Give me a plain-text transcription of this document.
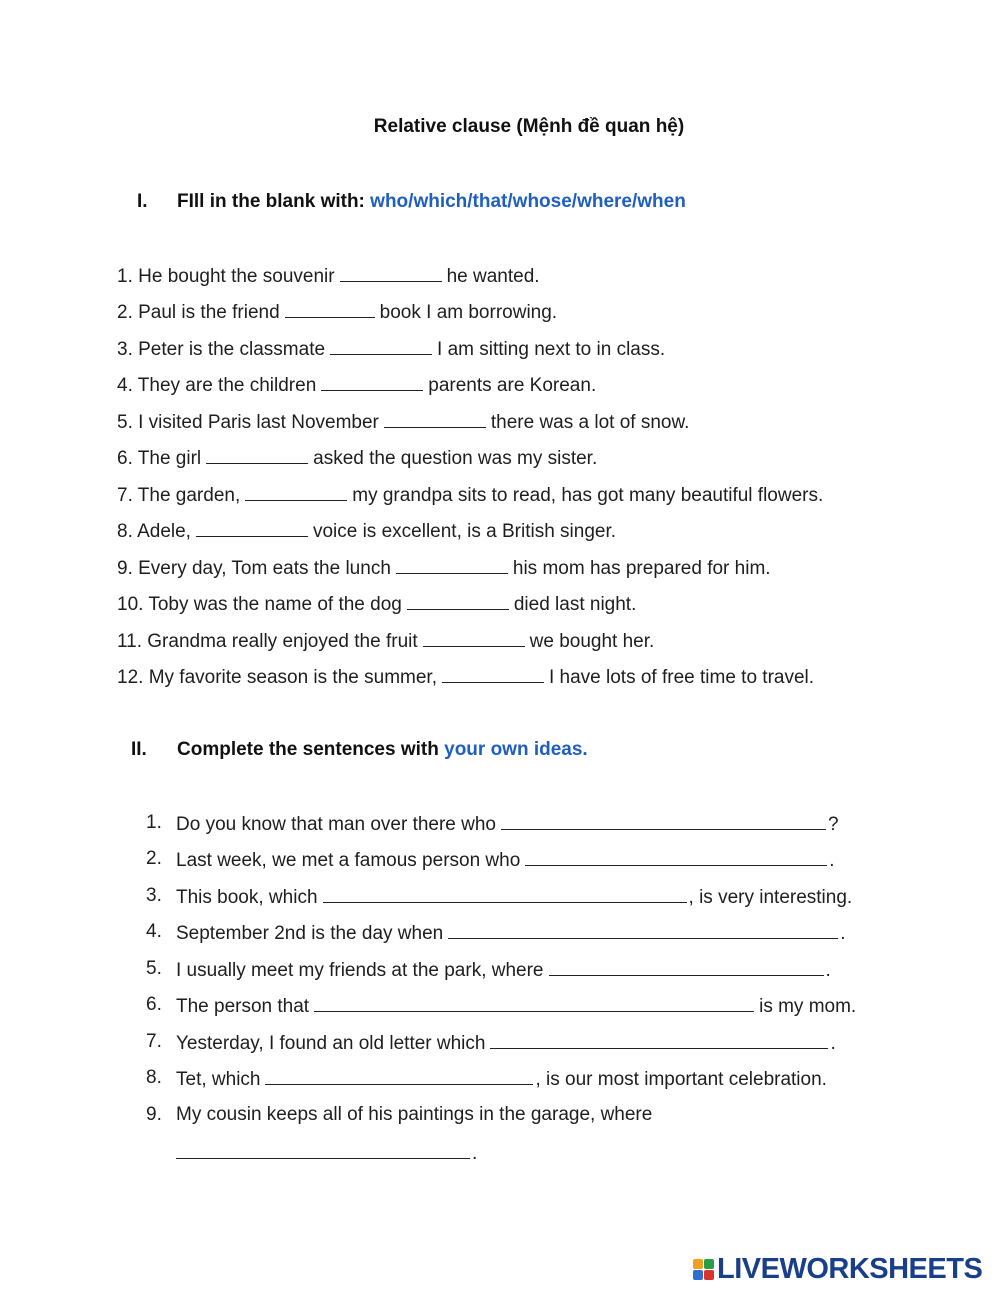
Relative clause (Mệnh đề quan hệ)
I. FIll in the blank with: who/which/that/whose/where/when
1. He bought the souvenir	he wanted.
2. Paul is the friend	book I am borrowing.
3. Peter is the classmate	I am sitting next to in class.
4. They are the children	parents are Korean.
5. I visited Paris last November	there was a lot of snow.
6. The girl	asked the question was my sister.
7. The garden,	my grandpa sits to read, has got many beautiful flowers.
8. Adele,	voice is excellent, is a British singer.
9. Every day, Tom eats the lunch	his mom has prepared for him.
10. Toby was the name of the dog	died last night.
11. Grandma really enjoyed the fruit	we bought her.
12. My favorite season is the summer,	I have lots of free time to travel.
II. Complete the sentences with your own ideas.
1. Do you know that man over there who	?
2. Last week, we met a famous person who	.
3. This book, which	, is very interesting.
4. September 2nd is the day when	.
5. I usually meet my friends at the park, where	.
6. The person that	is my mom.
7. Yesterday, I found an old letter which	.
8. Tet, which	, is our most important celebration.
9. My cousin keeps all of his paintings in the garage, where
.
LIVEWORKSHEETS
